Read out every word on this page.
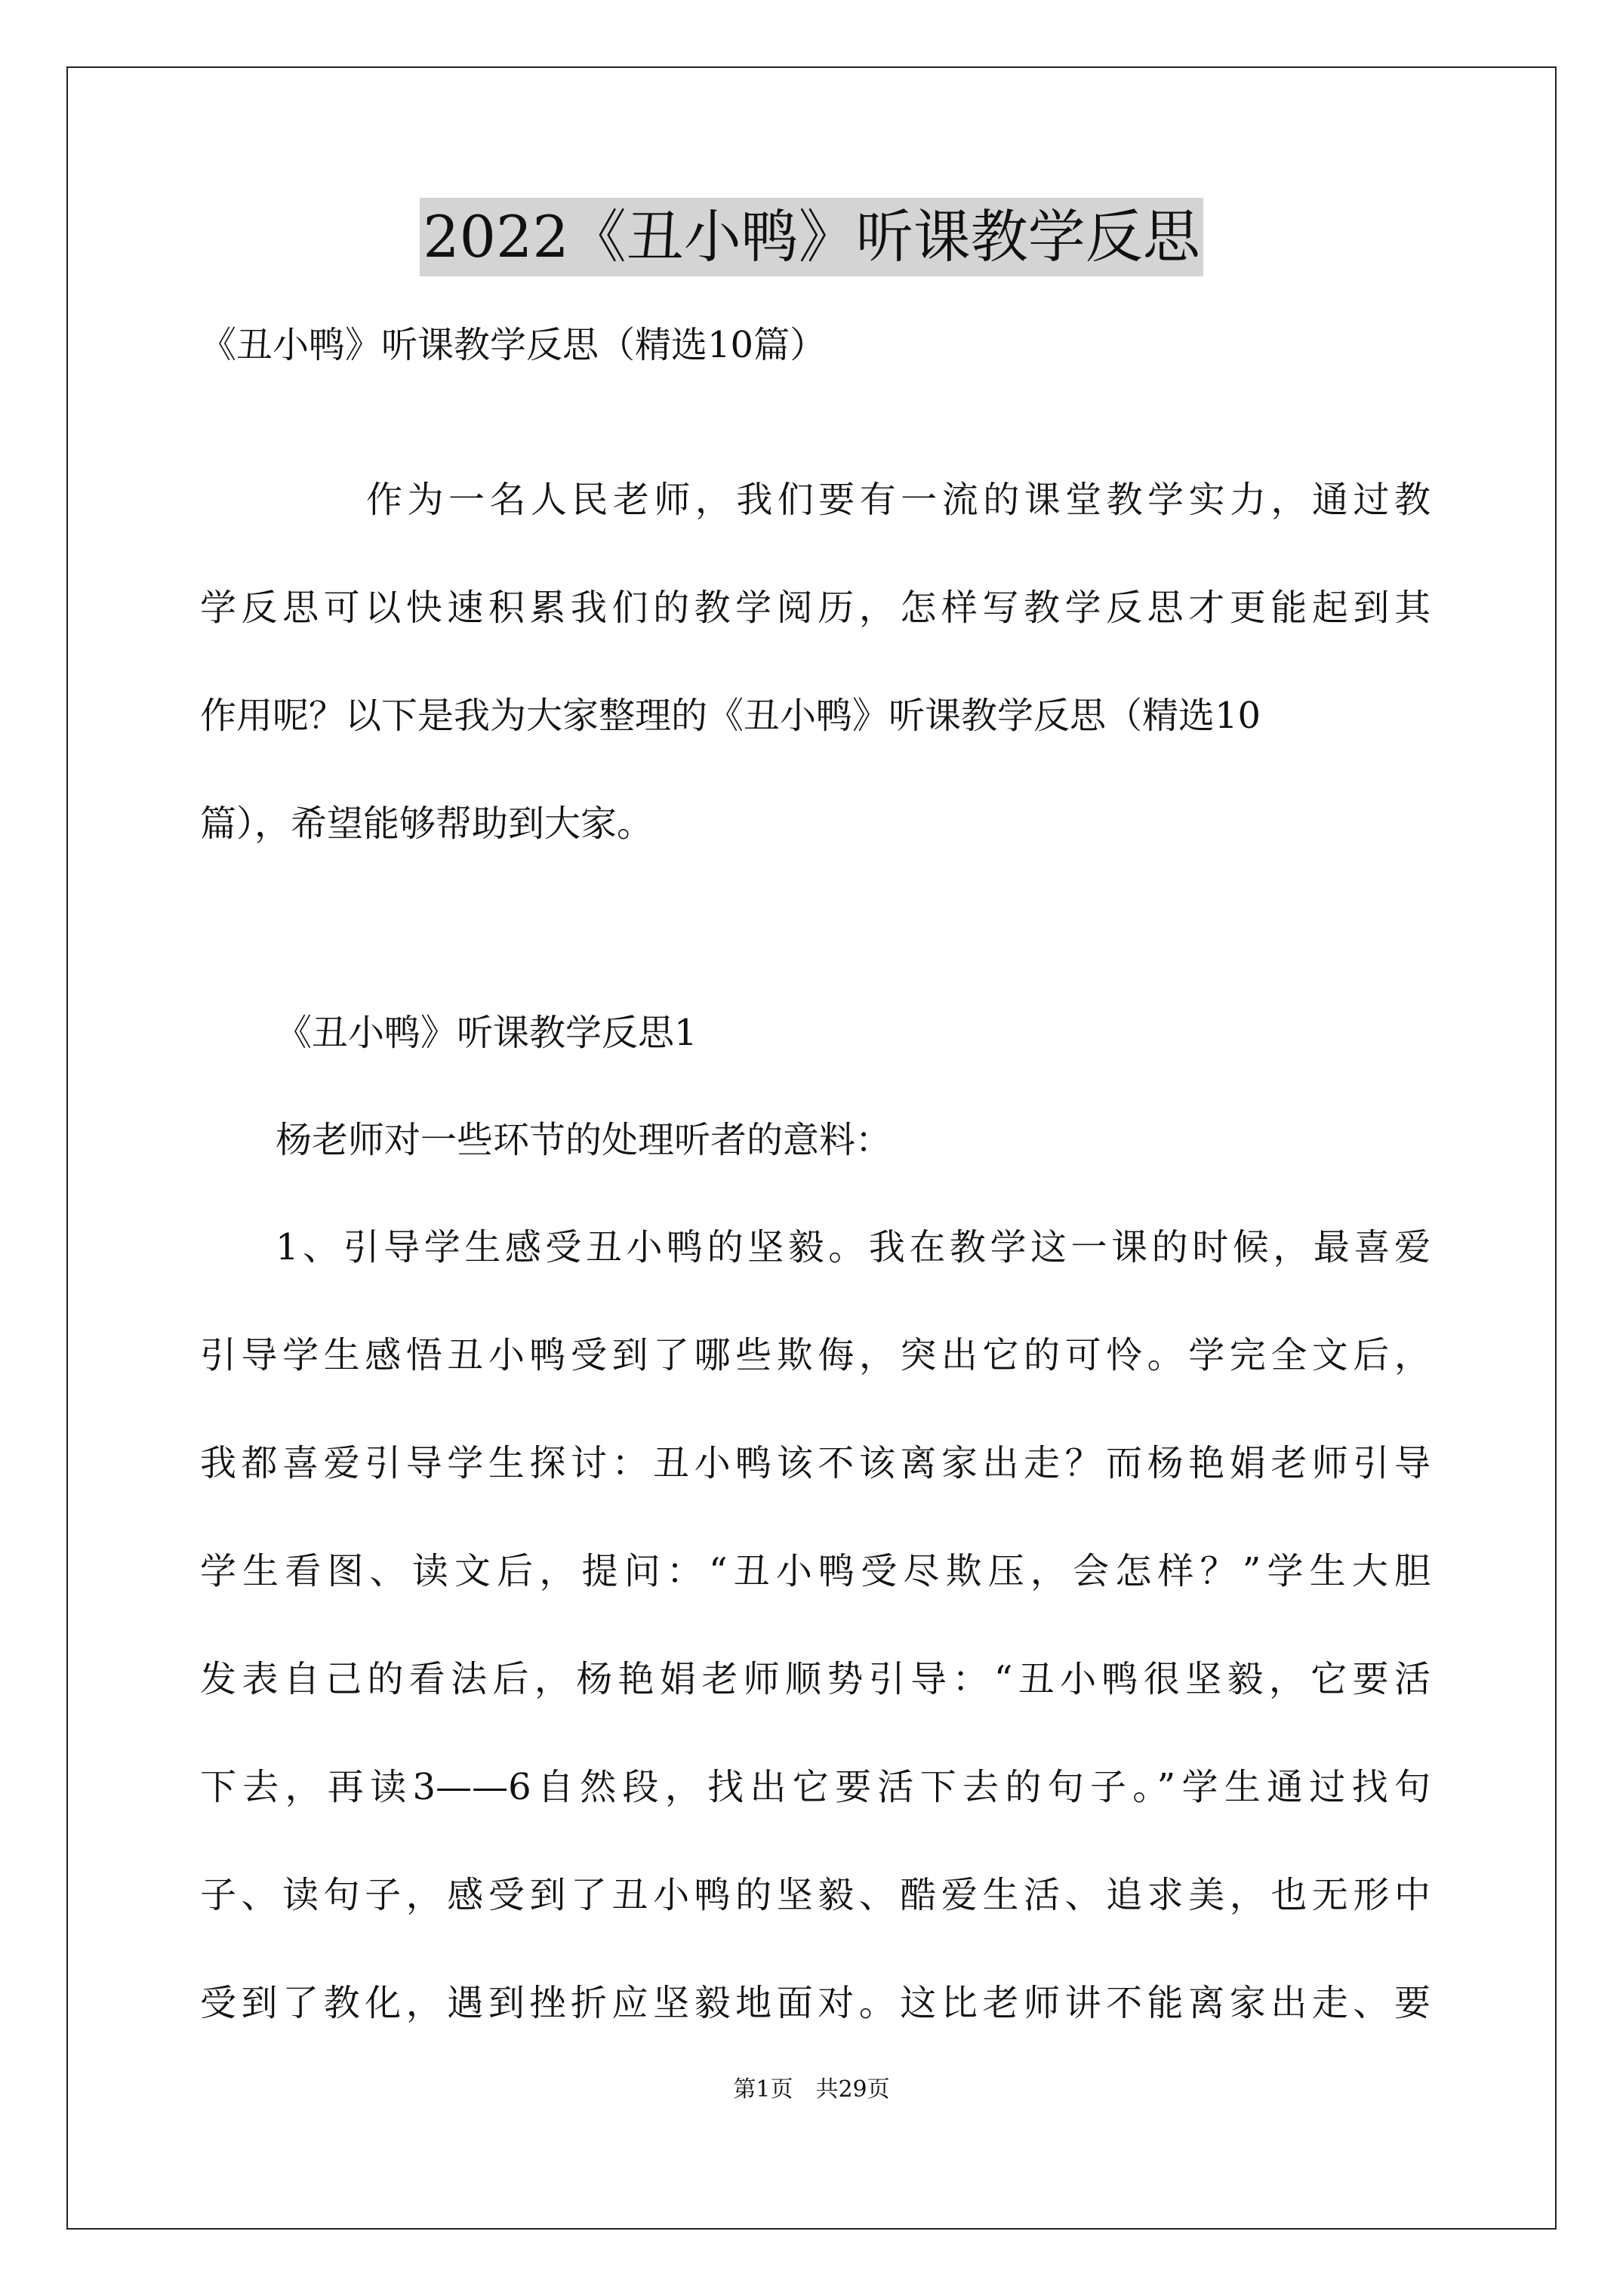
2022《丑小鸭》听课教学反思
《丑小鸭》听课教学反思（精选10篇）
作为一名人民老师，我们要有一流的课堂教学实力，通过教
学反思可以快速积累我们的教学阅历，怎样写教学反思才更能起到其
作用呢？以下是我为大家整理的《丑小鸭》听课教学反思（精选10
篇），希望能够帮助到大家。
《丑小鸭》听课教学反思1
杨老师对一些环节的处理听者的意料：
1、引导学生感受丑小鸭的坚毅。我在教学这一课的时候，最喜爱
引导学生感悟丑小鸭受到了哪些欺侮，突出它的可怜。学完全文后，
我都喜爱引导学生探讨：丑小鸭该不该离家出走？而杨艳娟老师引导
学生看图、读文后，提问：“丑小鸭受尽欺压，会怎样？”学生大胆
发表自己的看法后，杨艳娟老师顺势引导：“丑小鸭很坚毅，它要活
下去，再读3——6自然段，找出它要活下去的句子。”学生通过找句
子、读句子，感受到了丑小鸭的坚毅、酷爱生活、追求美，也无形中
受到了教化，遇到挫折应坚毅地面对。这比老师讲不能离家出走、要
第1页　共29页
